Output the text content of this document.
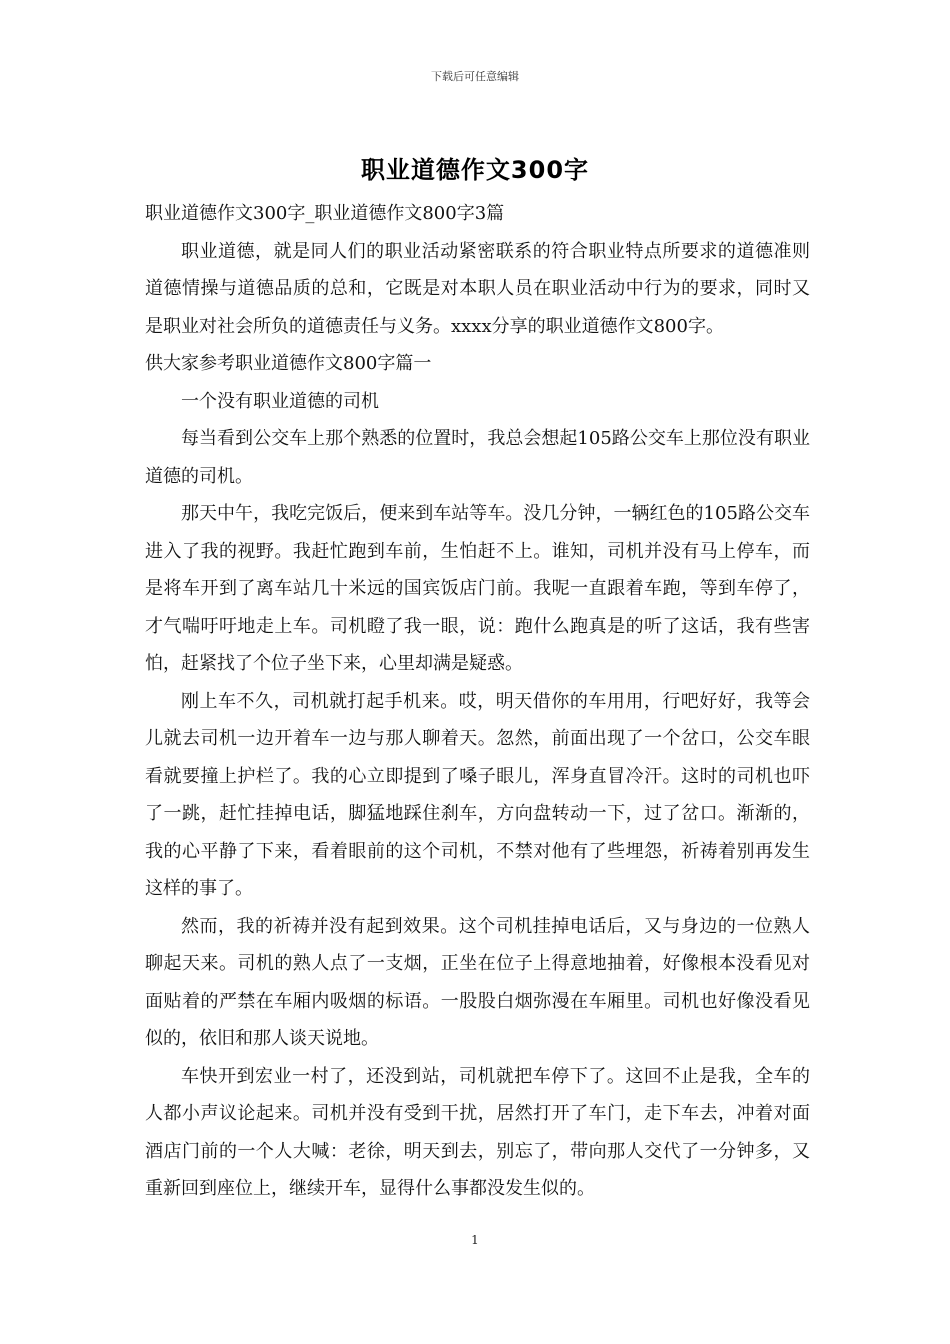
下载后可任意编辑
职业道德作文300字

职业道德作文300字_职业道德作文800字3篇

职业道德，就是同人们的职业活动紧密联系的符合职业特点所要求的道德准则道德情操与道德品质的总和，它既是对本职人员在职业活动中行为的要求，同时又是职业对社会所负的道德责任与义务。xxxx分享的职业道德作文800字。

供大家参考职业道德作文800字篇一

一个没有职业道德的司机

每当看到公交车上那个熟悉的位置时，我总会想起105路公交车上那位没有职业道德的司机。

那天中午，我吃完饭后，便来到车站等车。没几分钟，一辆红色的105路公交车进入了我的视野。我赶忙跑到车前，生怕赶不上。谁知，司机并没有马上停车，而是将车开到了离车站几十米远的国宾饭店门前。我呢一直跟着车跑，等到车停了，才气喘吁吁地走上车。司机瞪了我一眼，说：跑什么跑真是的听了这话，我有些害怕，赶紧找了个位子坐下来，心里却满是疑惑。

刚上车不久，司机就打起手机来。哎，明天借你的车用用，行吧好好，我等会儿就去司机一边开着车一边与那人聊着天。忽然，前面出现了一个岔口，公交车眼看就要撞上护栏了。我的心立即提到了嗓子眼儿，浑身直冒冷汗。这时的司机也吓了一跳，赶忙挂掉电话，脚猛地踩住刹车，方向盘转动一下，过了岔口。渐渐的，我的心平静了下来，看着眼前的这个司机，不禁对他有了些埋怨，祈祷着别再发生这样的事了。

然而，我的祈祷并没有起到效果。这个司机挂掉电话后，又与身边的一位熟人聊起天来。司机的熟人点了一支烟，正坐在位子上得意地抽着，好像根本没看见对面贴着的严禁在车厢内吸烟的标语。一股股白烟弥漫在车厢里。司机也好像没看见似的，依旧和那人谈天说地。

车快开到宏业一村了，还没到站，司机就把车停下了。这回不止是我，全车的人都小声议论起来。司机并没有受到干扰，居然打开了车门，走下车去，冲着对面酒店门前的一个人大喊：老徐，明天到去，别忘了，带向那人交代了一分钟多，又重新回到座位上，继续开车，显得什么事都没发生似的。

1
